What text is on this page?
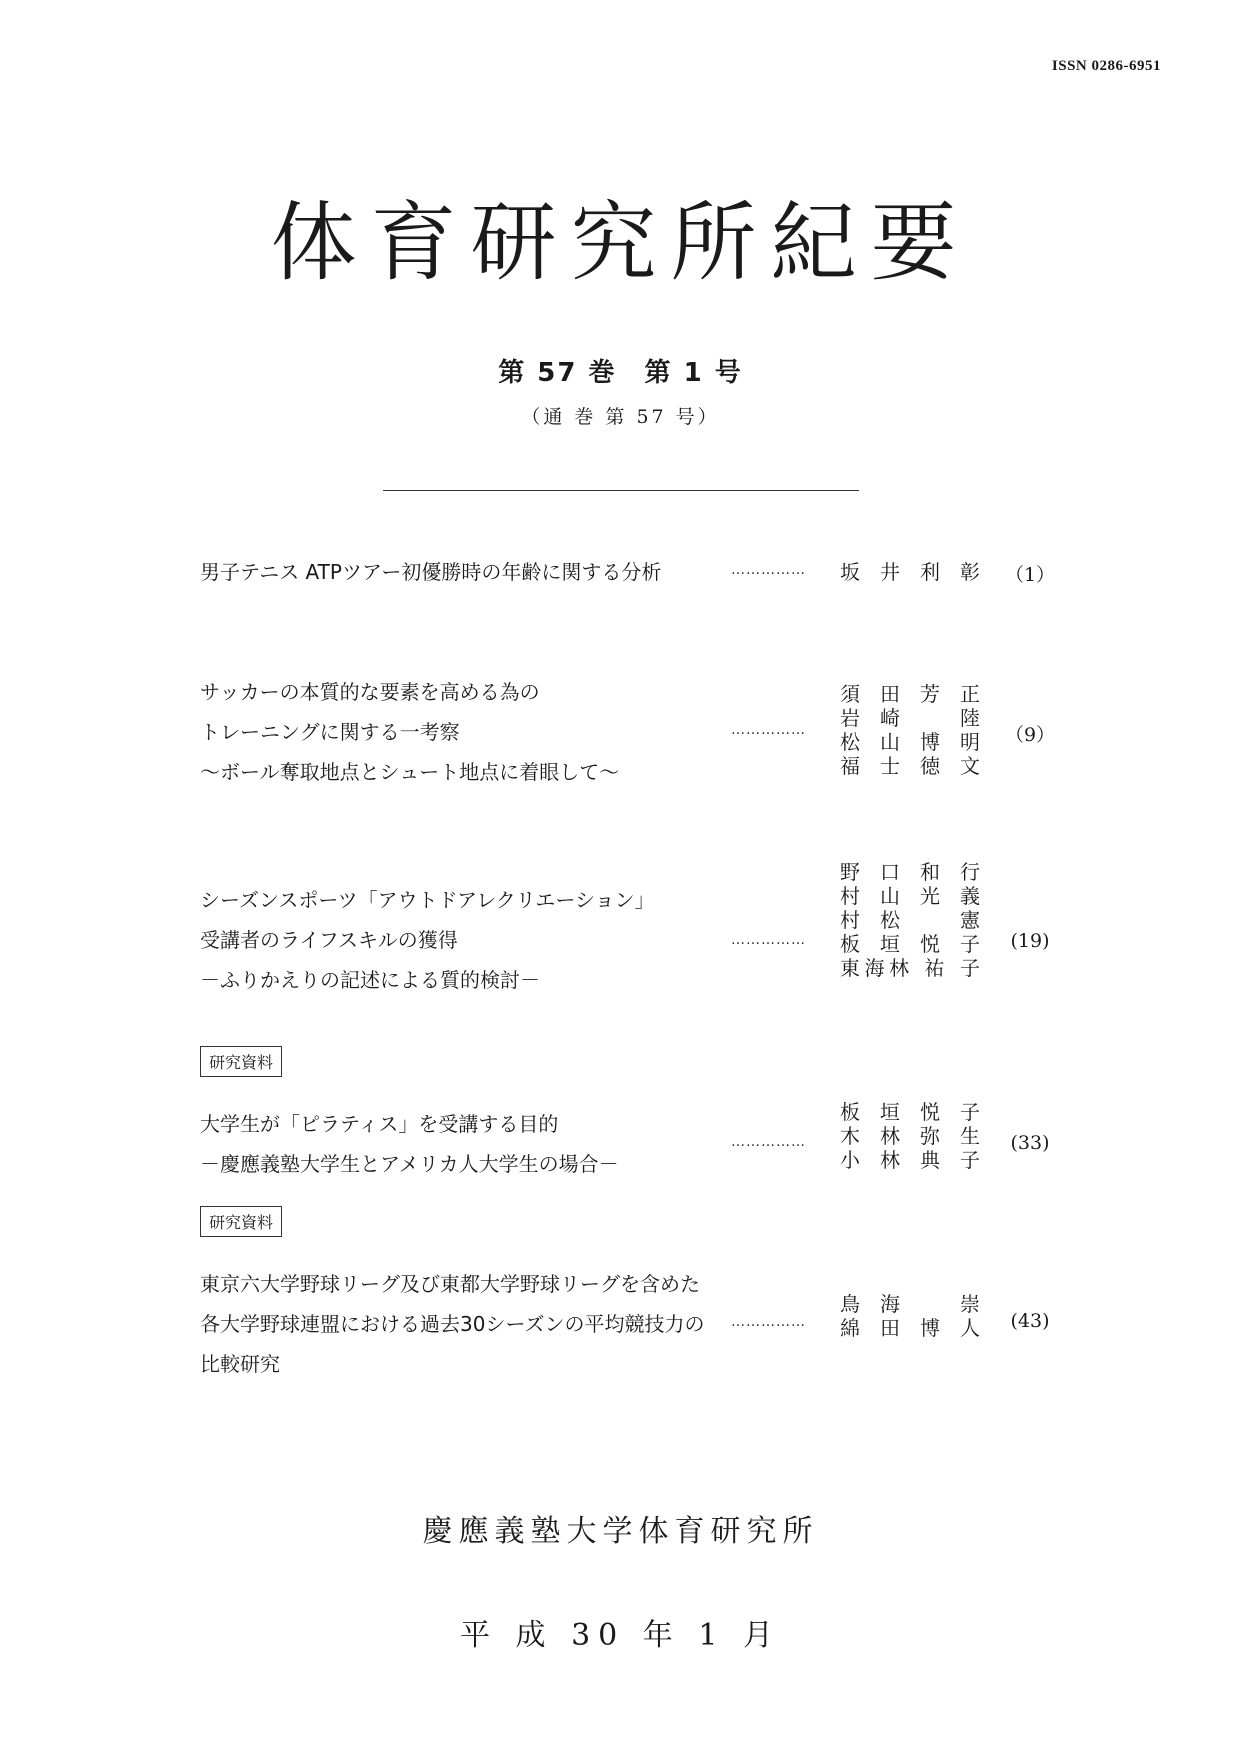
ISSN 0286-6951
体育研究所紀要
第 57 巻　第 1 号
（通 巻 第 57 号）
男子テニス ATPツアー初優勝時の年齢に関する分析	…………… 坂 井 利 彰 （1）
サッカーの本質的な要素を高める為の
トレーニングに関する一考察
～ボール奪取地点とシュート地点に着眼して～
……………
須 田 芳 正
岩 崎 　 陸
松 山 博 明
福 士 徳 文
（9）
シーズンスポーツ「アウトドアレクリエーション」
受講者のライフスキルの獲得
－ふりかえりの記述による質的検討－
……………
野 口 和 行
村 山 光 義
村 松 　 憲
板 垣 悦 子
東海林 祐 子
(19)
研究資料
大学生が「ピラティス」を受講する目的
－慶應義塾大学生とアメリカ人大学生の場合－
……………
板 垣 悦 子
木 林 弥 生
小 林 典 子
(33)
研究資料
東京六大学野球リーグ及び東都大学野球リーグを含めた
各大学野球連盟における過去30シーズンの平均競技力の
比較研究
……………
鳥 海 　 崇
綿 田 博 人	(43)
慶應義塾大学体育研究所
平 成 30 年 1 月
